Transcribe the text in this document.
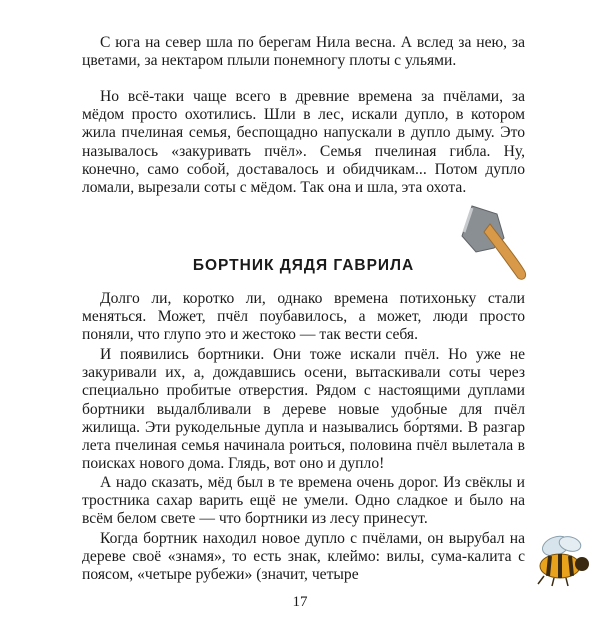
С юга на север шла по берегам Нила весна. А вслед за нею, за цветами, за нектаром плыли понемногу плоты с ульями.

Но всё-таки чаще всего в древние времена за пчёлами, за мёдом просто охотились. Шли в лес, искали дупло, в котором жила пчелиная семья, беспощадно напускали в дупло дыму. Это называлось «закуривать пчёл». Семья пчелиная гибла. Ну, конечно, само собой, доставалось и обидчикам... Потом дупло ломали, вырезали соты с мёдом. Так она и шла, эта охота.

БОРТНИК ДЯДЯ ГАВРИЛА

Долго ли, коротко ли, однако времена потихоньку стали меняться. Может, пчёл поубавилось, а может, люди просто поняли, что глупо это и жестоко — так вести себя.

И появились бортники. Они тоже искали пчёл. Но уже не закуривали их, а, дождавшись осени, вытаскивали соты через специально пробитые отверстия. Рядом с настоящими дуплами бортники выдалбливали в дереве новые удобные для пчёл жилища. Эти рукодельные дупла и назывались бо́ртями. В разгар лета пчелиная семья начинала роиться, половина пчёл вылетала в поисках нового дома. Глядь, вот оно и дупло!

А надо сказать, мёд был в те времена очень дорог. Из свёклы и тростника сахар варить ещё не умели. Одно сладкое и было на всём белом свете — что бортники из лесу принесут.

Когда бортник находил новое дупло с пчёлами, он вырубал на дереве своё «знамя», то есть знак, клеймо: вилы, сума-калита с поясом, «четыре рубежи» (значит, четыре

17
